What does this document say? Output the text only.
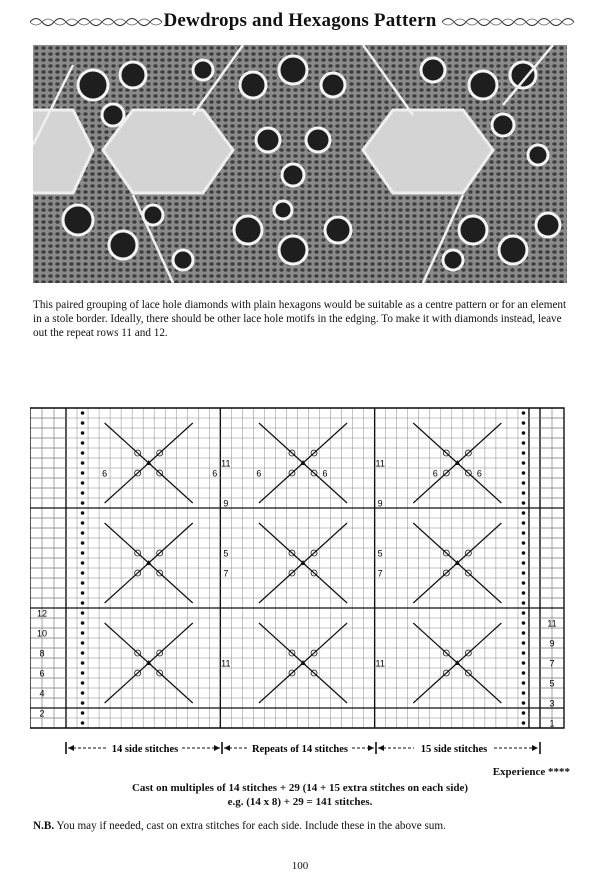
Dewdrops and Hexagons Pattern
This paired grouping of lace hole diamonds with plain hexagons would be suitable as a centre pattern or for an element in a stole border. Ideally, there should be other lace hole motifs in the edging. To make it with diamonds instead, leave out the repeat rows 11 and 12.
6	6	6	6	6	6
5
7
5
7
9	9
11	11
11	11
12
10
8
6
4
2
11
9
7
5
3
1
14 side stitches	Repeats of 14 stitches	15 side stitches
Experience ****
Cast on multiples of 14 stitches + 29 (14 + 15 extra stitches on each side)
e.g. (14 x 8) + 29 = 141 stitches.
N.B. You may if needed, cast on extra stitches for each side. Include these in the above sum.
100
